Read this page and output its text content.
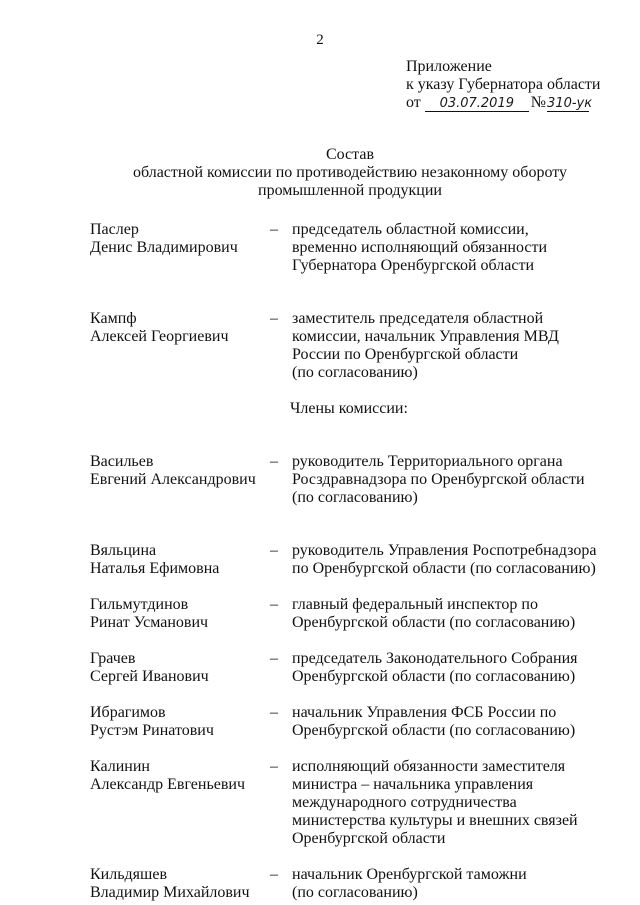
2
Приложение
к указу Губернатора области
от 03.07.2019 №310-ук
Состав
областной комиссии по противодействию незаконному обороту
промышленной продукции
Паслер
Денис Владимирович
– председатель областной комиссии,
временно исполняющий обязанности
Губернатора Оренбургской области
Кампф
Алексей Георгиевич
– заместитель председателя областной
комиссии, начальник Управления МВД
России по Оренбургской области
(по согласованию)
Члены комиссии:
Васильев
Евгений Александрович
– руководитель Территориального органа
Росздравнадзора по Оренбургской области
(по согласованию)
Вяльцина
Наталья Ефимовна
– руководитель Управления Роспотребнадзора
по Оренбургской области (по согласованию)
Гильмутдинов
Ринат Усманович
– главный федеральный инспектор по
Оренбургской области (по согласованию)
Грачев
Сергей Иванович
– председатель Законодательного Собрания
Оренбургской области (по согласованию)
Ибрагимов
Рустэм Ринатович
– начальник Управления ФСБ России по
Оренбургской области (по согласованию)
Калинин
Александр Евгеньевич
– исполняющий обязанности заместителя
министра – начальника управления
международного сотрудничества
министерства культуры и внешних связей
Оренбургской области
Кильдяшев
Владимир Михайлович
– начальник Оренбургской таможни
(по согласованию)
